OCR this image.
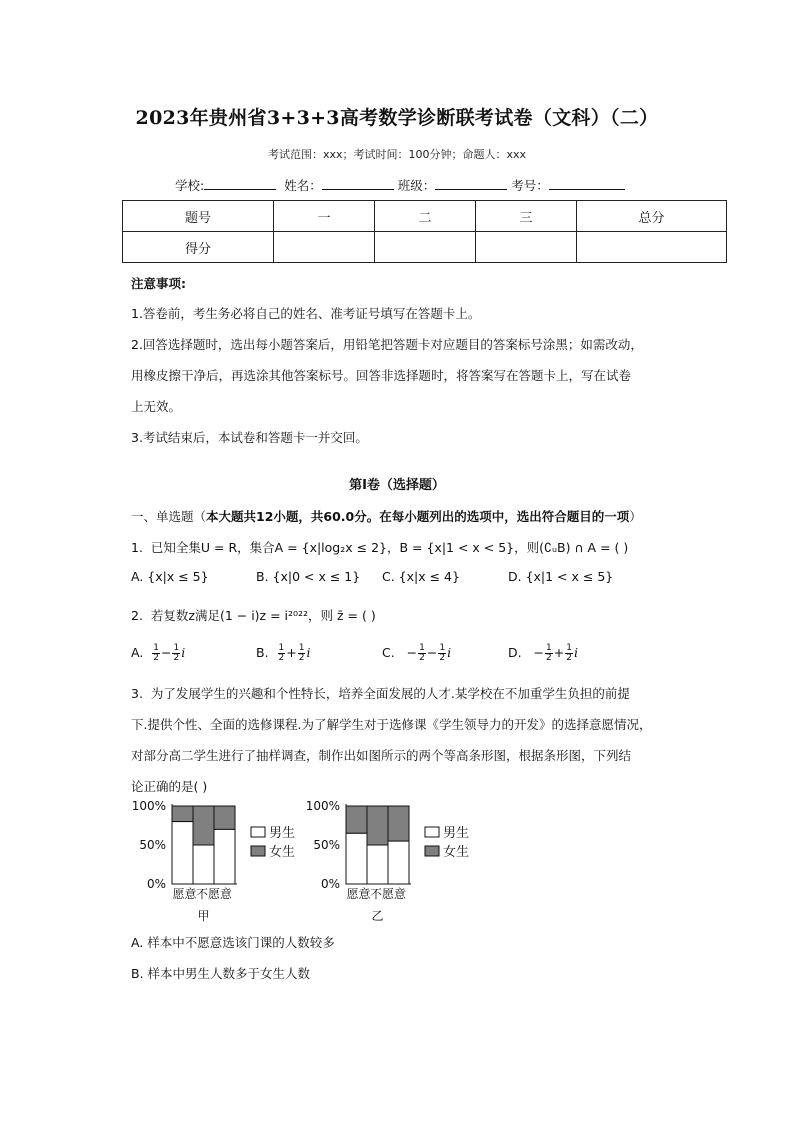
2023年贵州省3+3+3高考数学诊断联考试卷（文科）（二）
考试范围：xxx；考试时间：100分钟；命题人：xxx
学校:	姓名：	班级：	考号：
题号	一	二	三	总分
得分				
注意事项:
1.答卷前，考生务必将自己的姓名、准考证号填写在答题卡上。
2.回答选择题时，选出每小题答案后，用铅笔把答题卡对应题目的答案标号涂黑；如需改动，
用橡皮擦干净后，再选涂其他答案标号。回答非选择题时，将答案写在答题卡上，写在试卷
上无效。
3.考试结束后，本试卷和答题卡一并交回。
第I卷（选择题）
一、单选题（本大题共12小题，共60.0分。在每小题列出的选项中，选出符合题目的一项）
1. 已知全集U = R，集合A = {x|log₂x ≤ 2}，B = {x|1 < x < 5}，则(∁ᵤB) ∩ A = ( )
A. {x|x ≤ 5}	B. {x|0 < x ≤ 1} C. {x|x ≤ 4}	D. {x|1 < x ≤ 5}
2. 若复数z满足(1 − i)z = i²⁰²²，则 z̄ = ( )
A. $\frac{1}{2} - \frac{1}{2}$ i	B. $\frac{1}{2} + \frac{1}{2}$ i	C. − $\frac{1}{2} - \frac{1}{2}$ i	D. − $\frac{1}{2} + \frac{1}{2}$ i
3. 为了发展学生的兴趣和个性特长，培养全面发展的人才.某学校在不加重学生负担的前提
下.提供个性、全面的选修课程.为了解学生对于选修课《学生领导力的开发》的选择意愿情况，
对部分高二学生进行了抽样调查，制作出如图所示的两个等高条形图，根据条形图，下列结
论正确的是( )
100%
50%
0%
愿意 不愿意
甲
男生
女生
100%
50%
0%
愿意 不愿意
乙
男生
女生
A. 样本中不愿意选该门课的人数较多
B. 样本中男生人数多于女生人数
